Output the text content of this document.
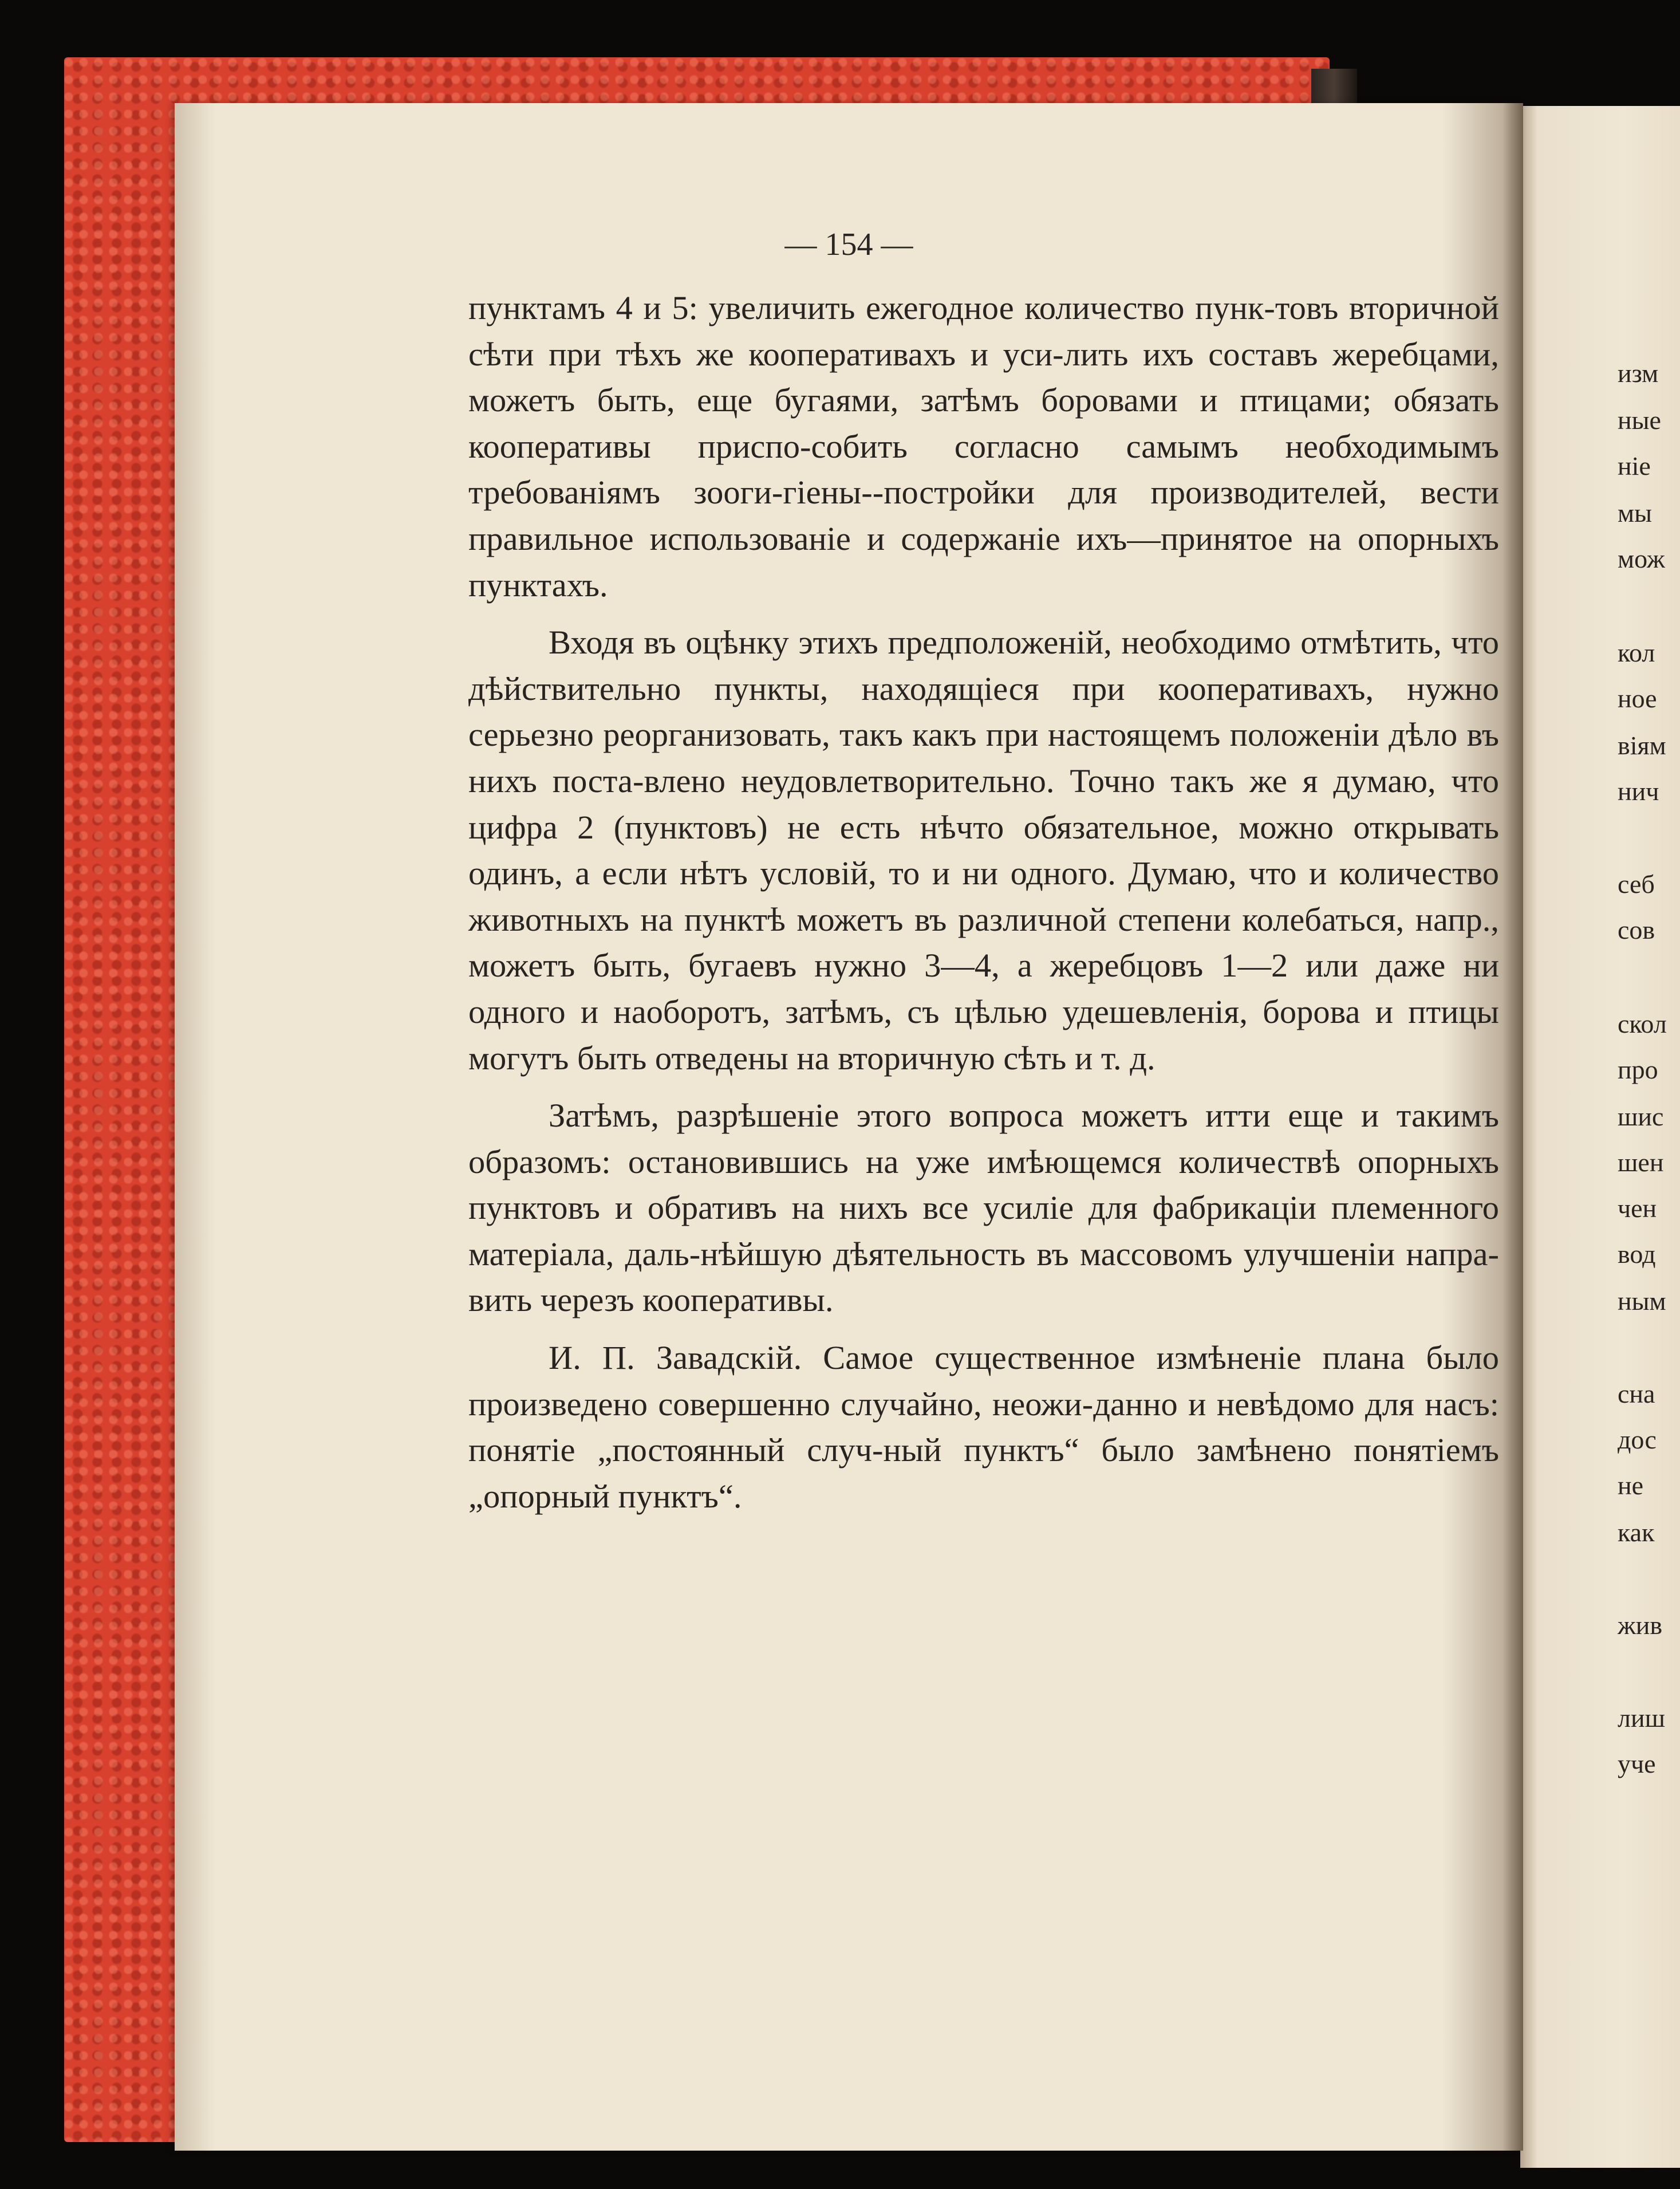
изм
ные
ніе
мы
мож
кол
ное
віям
нич
себ
сов
скол
про
шис
шен
чен
вод
ным
сна
дос
не
как
жив
лиш
уче
— 154 —

пунктамъ 4 и 5: увеличить ежегодное количество пунк-товъ вторичной сѣти при тѣхъ же кооперативахъ и уси-лить ихъ составъ жеребцами, можетъ быть, еще бугаями, затѣмъ боровами и птицами; обязать кооперативы приспо-собить согласно самымъ необходимымъ требованіямъ зооги-гіены--постройки для производителей, вести правильное использованіе и содержаніе ихъ—принятое на опорныхъ пунктахъ.

Входя въ оцѣнку этихъ предположеній, необходимо отмѣтить, что дѣйствительно пункты, находящіеся при кооперативахъ, нужно серьезно реорганизовать, такъ какъ при настоящемъ положеніи дѣло въ нихъ поста-влено неудовлетворительно. Точно такъ же я думаю, что цифра 2 (пунктовъ) не есть нѣчто обязательное, можно открывать одинъ, а если нѣтъ условій, то и ни одного. Думаю, что и количество животныхъ на пунктѣ можетъ въ различной степени колебаться, напр., можетъ быть, бугаевъ нужно 3—4, а жеребцовъ 1—2 или даже ни одного и наоборотъ, затѣмъ, съ цѣлью удешевленія, борова и птицы могутъ быть отведены на вторичную сѣть и т. д.

Затѣмъ, разрѣшеніе этого вопроса можетъ итти еще и такимъ образомъ: остановившись на уже имѣющемся количествѣ опорныхъ пунктовъ и обративъ на нихъ все усиліе для фабрикаціи племенного матеріала, даль-нѣйшую дѣятельность въ массовомъ улучшеніи напра-вить черезъ кооперативы.

И. П. Завадскій. Самое существенное измѣненіе плана было произведено совершенно случайно, неожи-данно и невѣдомо для насъ: понятіе „постоянный случ-ный пунктъ“ было замѣнено понятіемъ „опорный пунктъ“.
